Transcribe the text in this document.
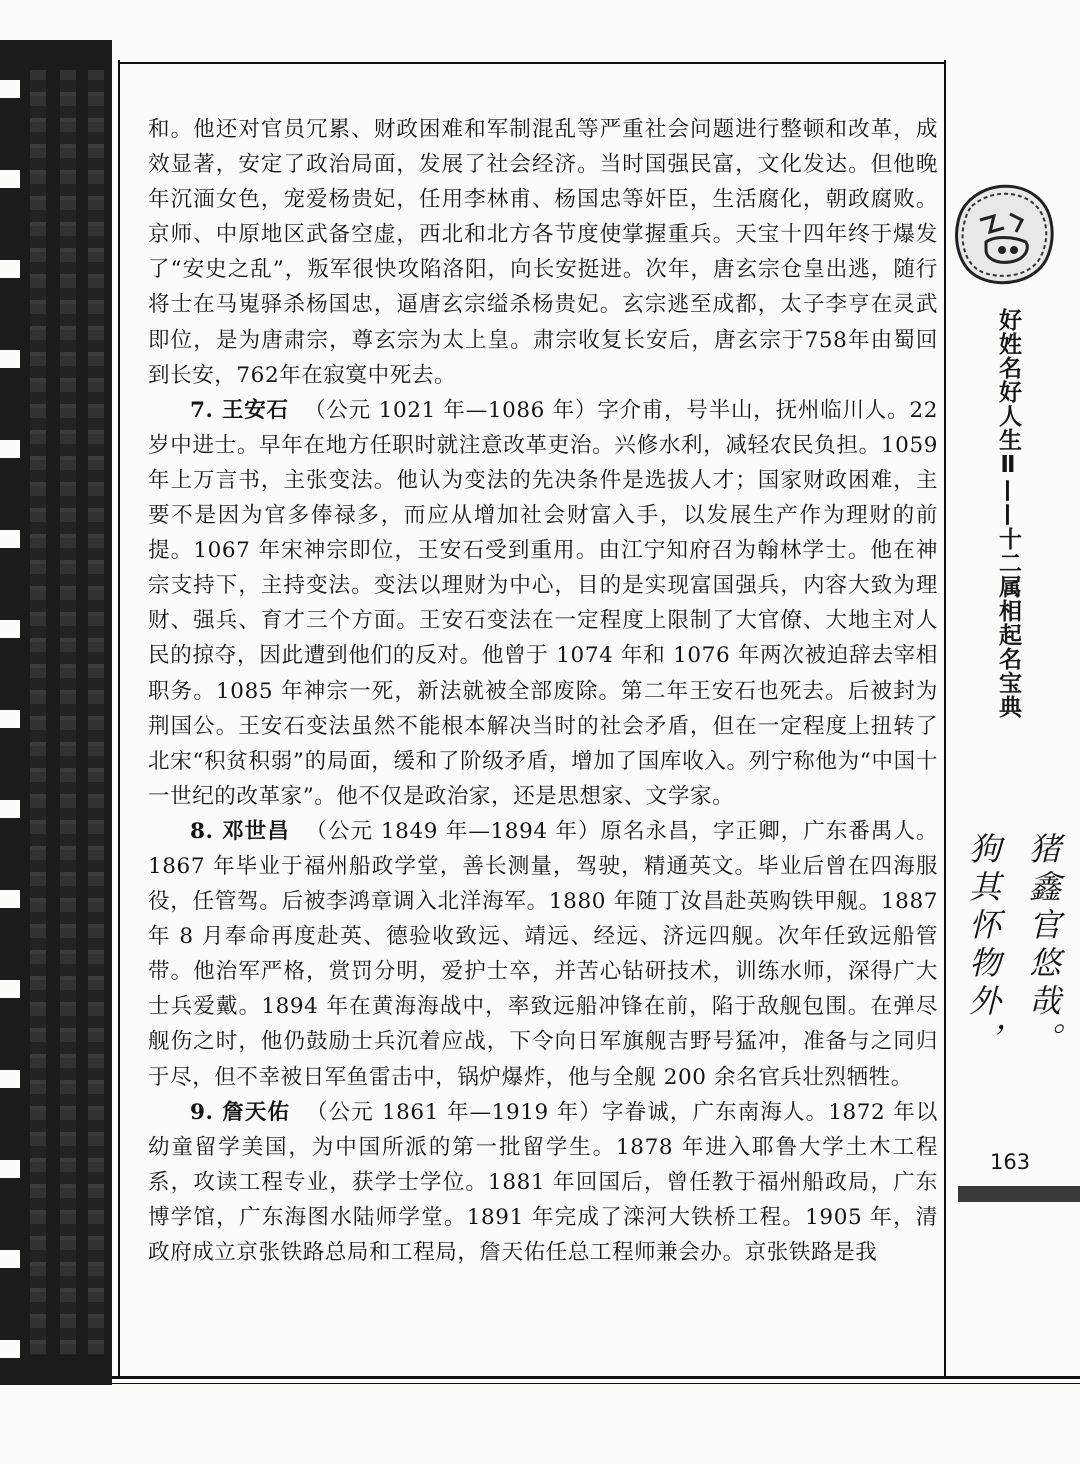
和。他还对官员冗累、财政困难和军制混乱等严重社会问题进行整顿和改革，成效显著，安定了政治局面，发展了社会经济。当时国强民富，文化发达。但他晚年沉湎女色，宠爱杨贵妃，任用李林甫、杨国忠等奸臣，生活腐化，朝政腐败。京师、中原地区武备空虚，西北和北方各节度使掌握重兵。天宝十四年终于爆发了“安史之乱”，叛军很快攻陷洛阳，向长安挺进。次年，唐玄宗仓皇出逃，随行将士在马嵬驿杀杨国忠，逼唐玄宗缢杀杨贵妃。玄宗逃至成都，太子李亨在灵武即位，是为唐肃宗，尊玄宗为太上皇。肃宗收复长安后，唐玄宗于758年由蜀回到长安，762年在寂寞中死去。

7. 王安石 （公元 1021 年—1086 年）字介甫，号半山，抚州临川人。22岁中进士。早年在地方任职时就注意改革吏治。兴修水利，减轻农民负担。1059 年上万言书，主张变法。他认为变法的先决条件是选拔人才；国家财政困难，主要不是因为官多俸禄多，而应从增加社会财富入手，以发展生产作为理财的前提。1067 年宋神宗即位，王安石受到重用。由江宁知府召为翰林学士。他在神宗支持下，主持变法。变法以理财为中心，目的是实现富国强兵，内容大致为理财、强兵、育才三个方面。王安石变法在一定程度上限制了大官僚、大地主对人民的掠夺，因此遭到他们的反对。他曾于 1074 年和 1076 年两次被迫辞去宰相职务。1085 年神宗一死，新法就被全部废除。第二年王安石也死去。后被封为荆国公。王安石变法虽然不能根本解决当时的社会矛盾，但在一定程度上扭转了北宋“积贫积弱”的局面，缓和了阶级矛盾，增加了国库收入。列宁称他为“中国十一世纪的改革家”。他不仅是政治家，还是思想家、文学家。

8. 邓世昌 （公元 1849 年—1894 年）原名永昌，字正卿，广东番禺人。1867 年毕业于福州船政学堂，善长测量，驾驶，精通英文。毕业后曾在四海服役，任管驾。后被李鸿章调入北洋海军。1880 年随丁汝昌赴英购铁甲舰。1887年 8 月奉命再度赴英、德验收致远、靖远、经远、济远四舰。次年任致远船管带。他治军严格，赏罚分明，爱护士卒，并苦心钻研技术，训练水师，深得广大士兵爱戴。1894 年在黄海海战中，率致远船冲锋在前，陷于敌舰包围。在弹尽舰伤之时，他仍鼓励士兵沉着应战，下令向日军旗舰吉野号猛冲，准备与之同归于尽，但不幸被日军鱼雷击中，锅炉爆炸，他与全舰 200 余名官兵壮烈牺牲。

9. 詹天佑 （公元 1861 年—1919 年）字眷诚，广东南海人。1872 年以幼童留学美国，为中国所派的第一批留学生。1878 年进入耶鲁大学土木工程系，攻读工程专业，获学士学位。1881 年回国后，曾任教于福州船政局，广东博学馆，广东海图水陆师学堂。1891 年完成了滦河大铁桥工程。1905 年，清政府成立京张铁路总局和工程局，詹天佑任总工程师兼会办。京张铁路是我

好姓名好人生Ⅱ——十二属相起名宝典
猪鑫官悠哉。
狗其怀物外，
163
